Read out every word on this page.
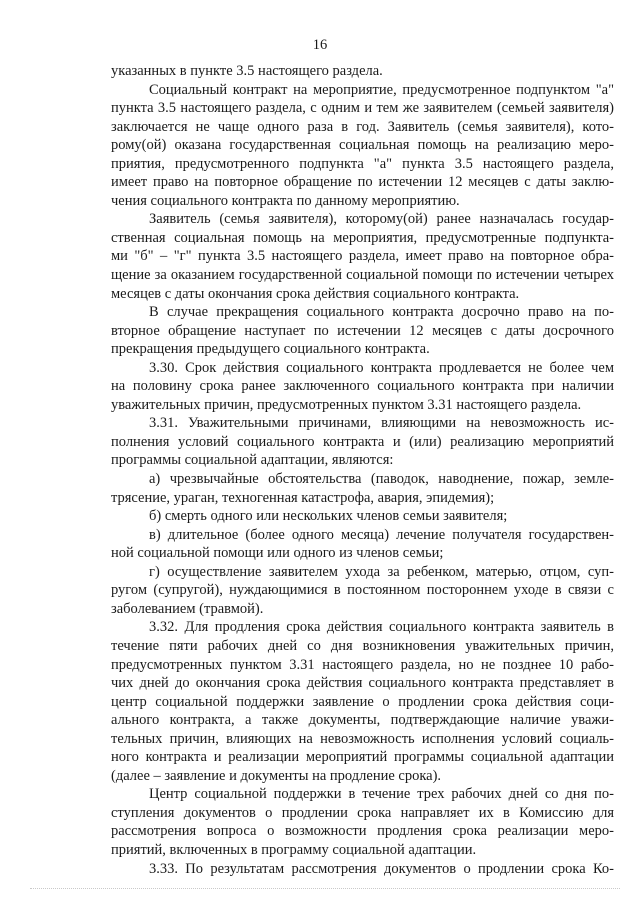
16
указанных в пункте 3.5 настоящего раздела.
Социальный контракт на мероприятие, предусмотренное подпунктом "а"
пункта 3.5 настоящего раздела, с одним и тем же заявителем (семьей заявителя)
заключается не чаще одного раза в год. Заявитель (семья заявителя), кото-
рому(ой) оказана государственная социальная помощь на реализацию меро-
приятия, предусмотренного подпункта "а" пункта 3.5 настоящего раздела,
имеет право на повторное обращение по истечении 12 месяцев с даты заклю-
чения социального контракта по данному мероприятию.
Заявитель (семья заявителя), которому(ой) ранее назначалась государ-
ственная социальная помощь на мероприятия, предусмотренные подпункта-
ми "б" – "г" пункта 3.5 настоящего раздела, имеет право на повторное обра-
щение за оказанием государственной социальной помощи по истечении четырех
месяцев с даты окончания срока действия социального контракта.
В случае прекращения социального контракта досрочно право на по-
вторное обращение наступает по истечении 12 месяцев с даты досрочного
прекращения предыдущего социального контракта.
3.30. Срок действия социального контракта продлевается не более чем
на половину срока ранее заключенного социального контракта при наличии
уважительных причин, предусмотренных пунктом 3.31 настоящего раздела.
3.31. Уважительными причинами, влияющими на невозможность ис-
полнения условий социального контракта и (или) реализацию мероприятий
программы социальной адаптации, являются:
а) чрезвычайные обстоятельства (паводок, наводнение, пожар, земле-
трясение, ураган, техногенная катастрофа, авария, эпидемия);
б) смерть одного или нескольких членов семьи заявителя;
в) длительное (более одного месяца) лечение получателя государствен-
ной социальной помощи или одного из членов семьи;
г) осуществление заявителем ухода за ребенком, матерью, отцом, суп-
ругом (супругой), нуждающимися в постоянном постороннем уходе в связи с
заболеванием (травмой).
3.32. Для продления срока действия социального контракта заявитель в
течение пяти рабочих дней со дня возникновения уважительных причин,
предусмотренных пунктом 3.31 настоящего раздела, но не позднее 10 рабо-
чих дней до окончания срока действия социального контракта представляет в
центр социальной поддержки заявление о продлении срока действия соци-
ального контракта, а также документы, подтверждающие наличие уважи-
тельных причин, влияющих на невозможность исполнения условий социаль-
ного контракта и реализации мероприятий программы социальной адаптации
(далее – заявление и документы на продление срока).
Центр социальной поддержки в течение трех рабочих дней со дня по-
ступления документов о продлении срока направляет их в Комиссию для
рассмотрения вопроса о возможности продления срока реализации меро-
приятий, включенных в программу социальной адаптации.
3.33. По результатам рассмотрения документов о продлении срока Ко-
